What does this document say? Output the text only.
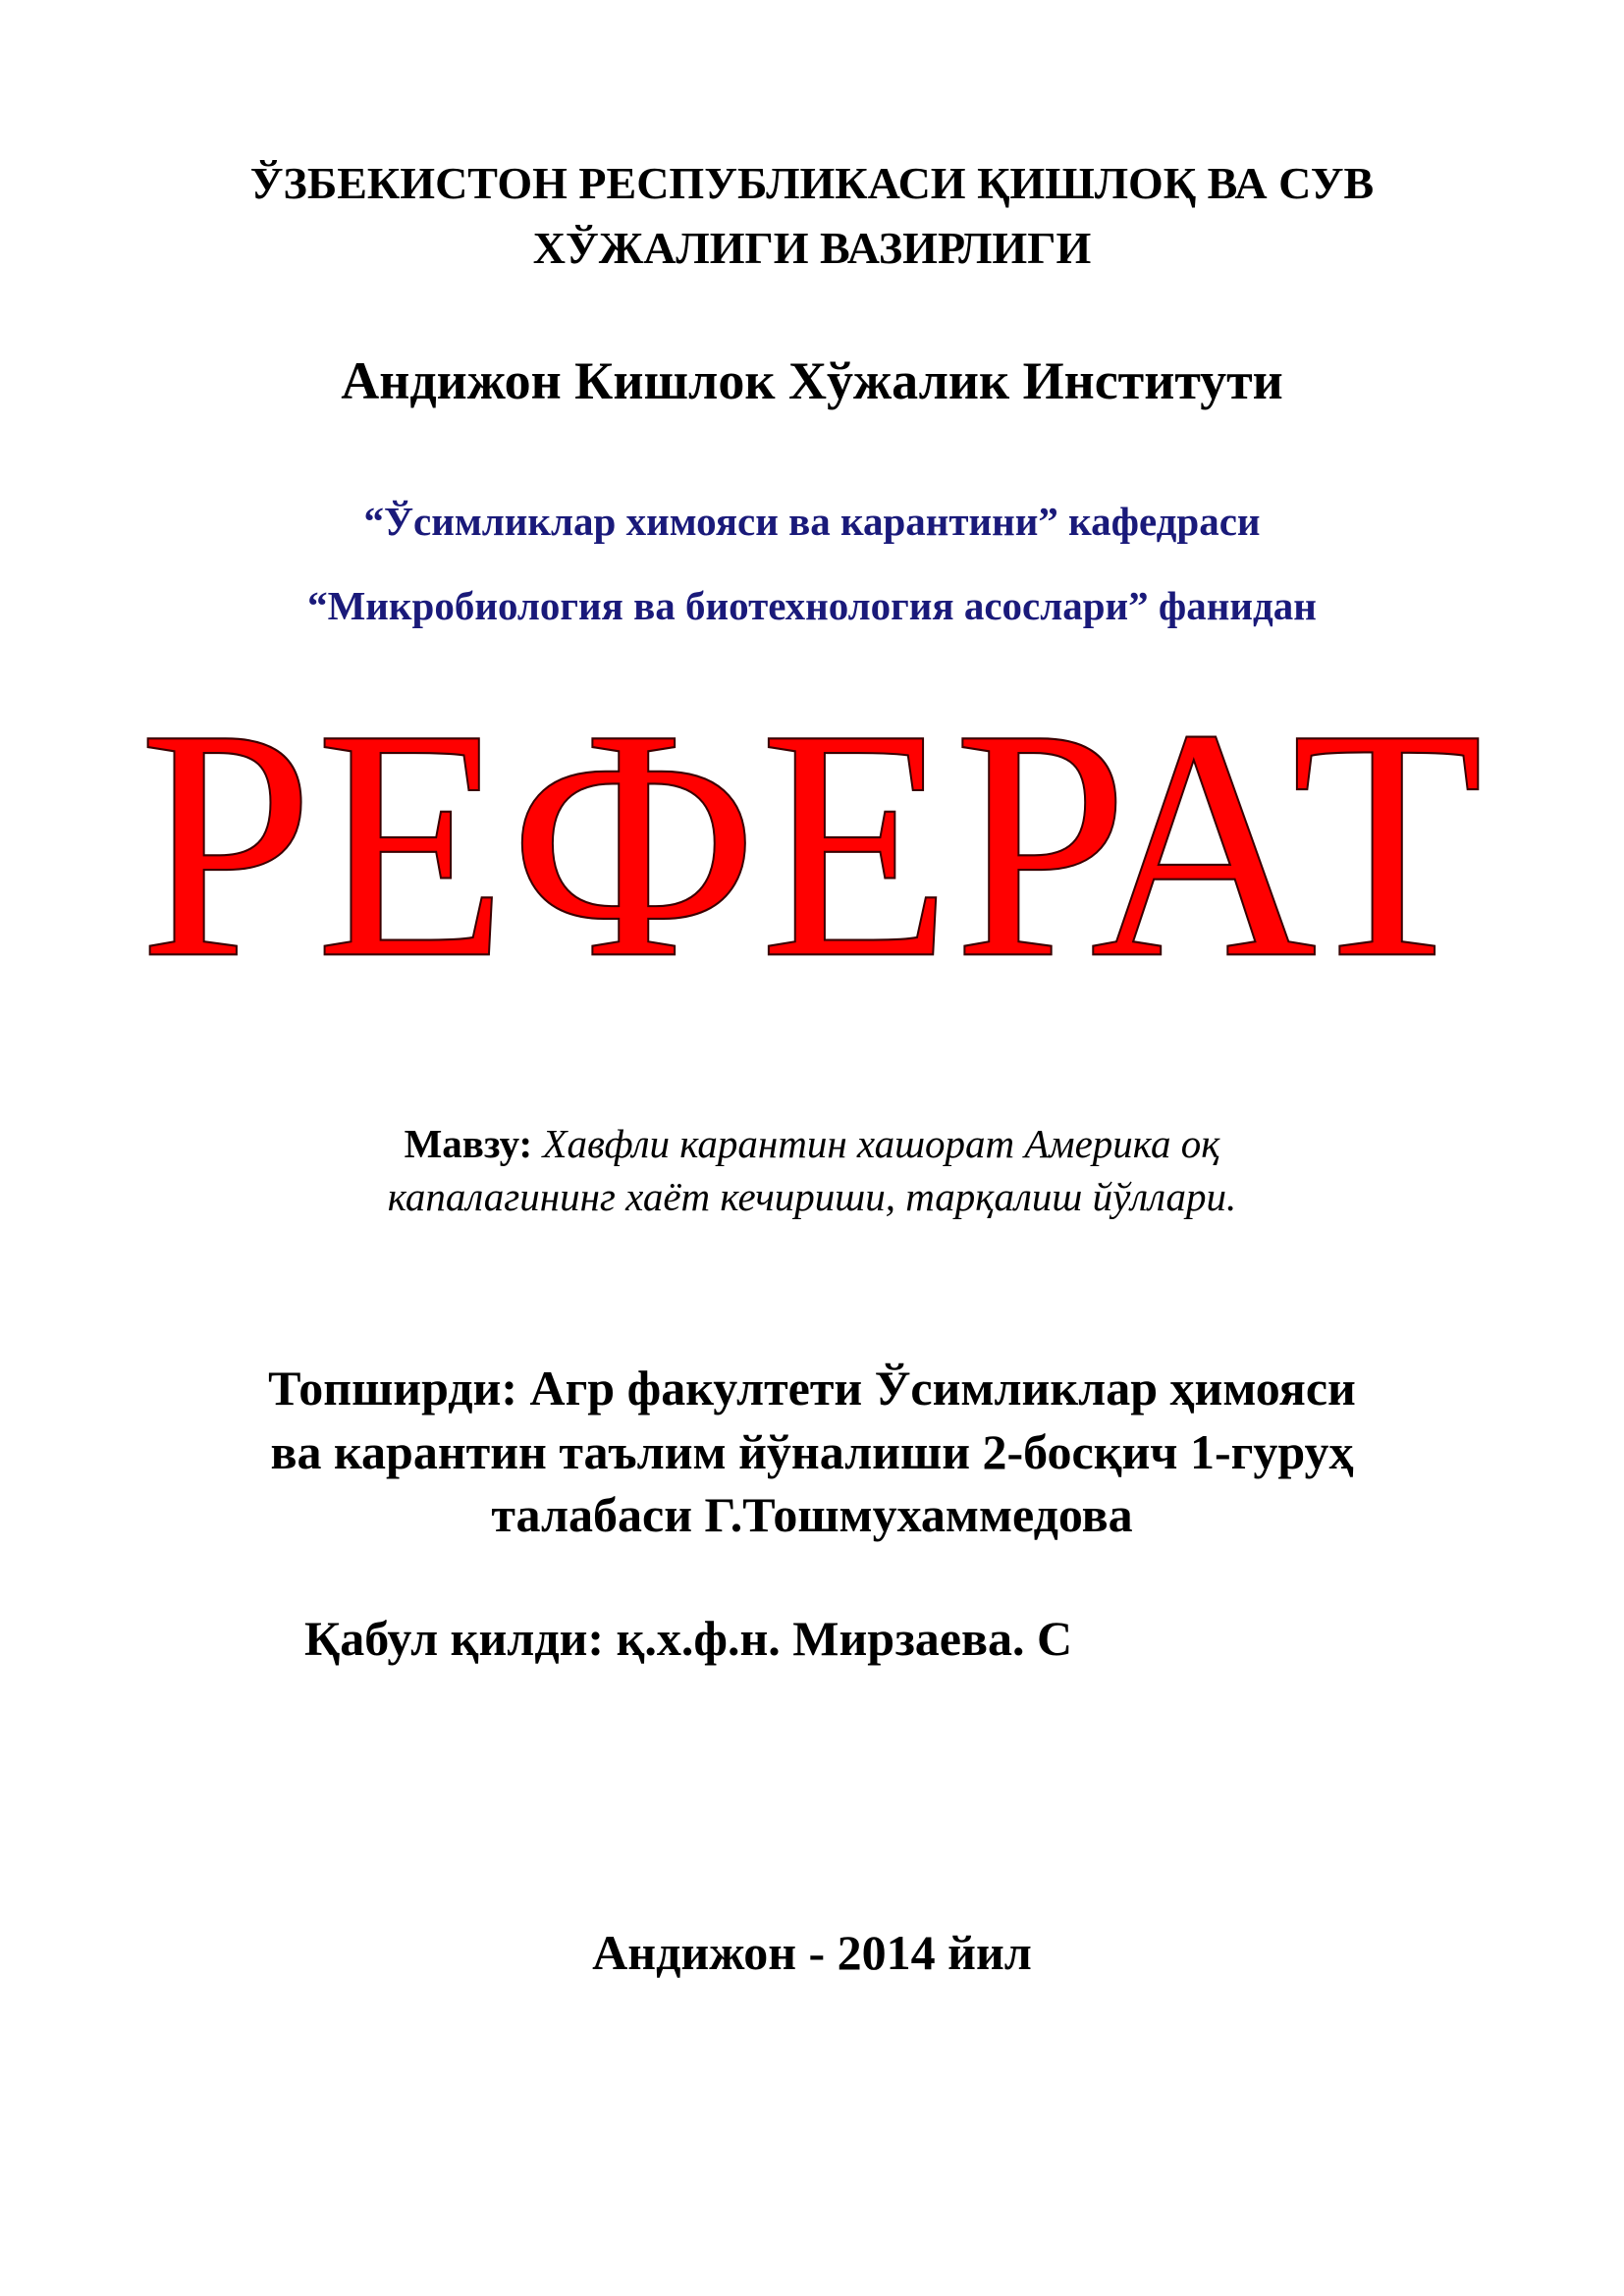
ЎЗБЕКИСТОН РЕСПУБЛИКАСИ ҚИШЛОҚ ВА СУВ
ХЎЖАЛИГИ ВАЗИРЛИГИ
Андижон Кишлок Хўжалик Институти
“Ўсимликлар химояси ва карантини” кафедраси
“Микробиология ва биотехнология асослари” фанидан
РЕФЕРАТ
Мавзу: Хавфли карантин хашорат Америка оқ
капалагининг хаёт кечириши, тарқалиш йўллари.
Топширди: Агр факултети Ўсимликлар ҳимояси
ва карантин таълим йўналиши 2-босқич 1-гуруҳ
талабаси Г.Тошмухаммедова
Қабул қилди: қ.х.ф.н. Мирзаева. С
Андижон - 2014 йил
